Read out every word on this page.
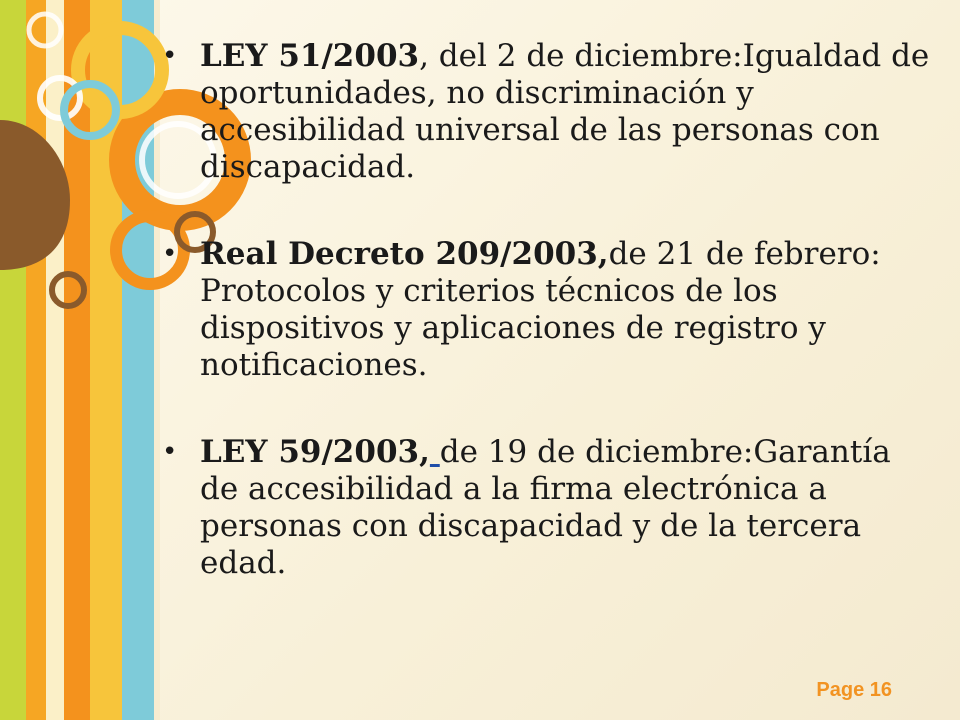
• LEY 51/2003, del 2 de diciembre:Igualdad de oportunidades, no discriminación y accesibilidad universal de las personas con discapacidad.
• Real Decreto 209/2003,de 21 de febrero: Protocolos y criterios técnicos de los dispositivos y aplicaciones de registro y notificaciones.
• LEY 59/2003, de 19 de diciembre:Garantía de accesibilidad a la firma electrónica a personas con discapacidad y de la tercera edad.
Page 16
